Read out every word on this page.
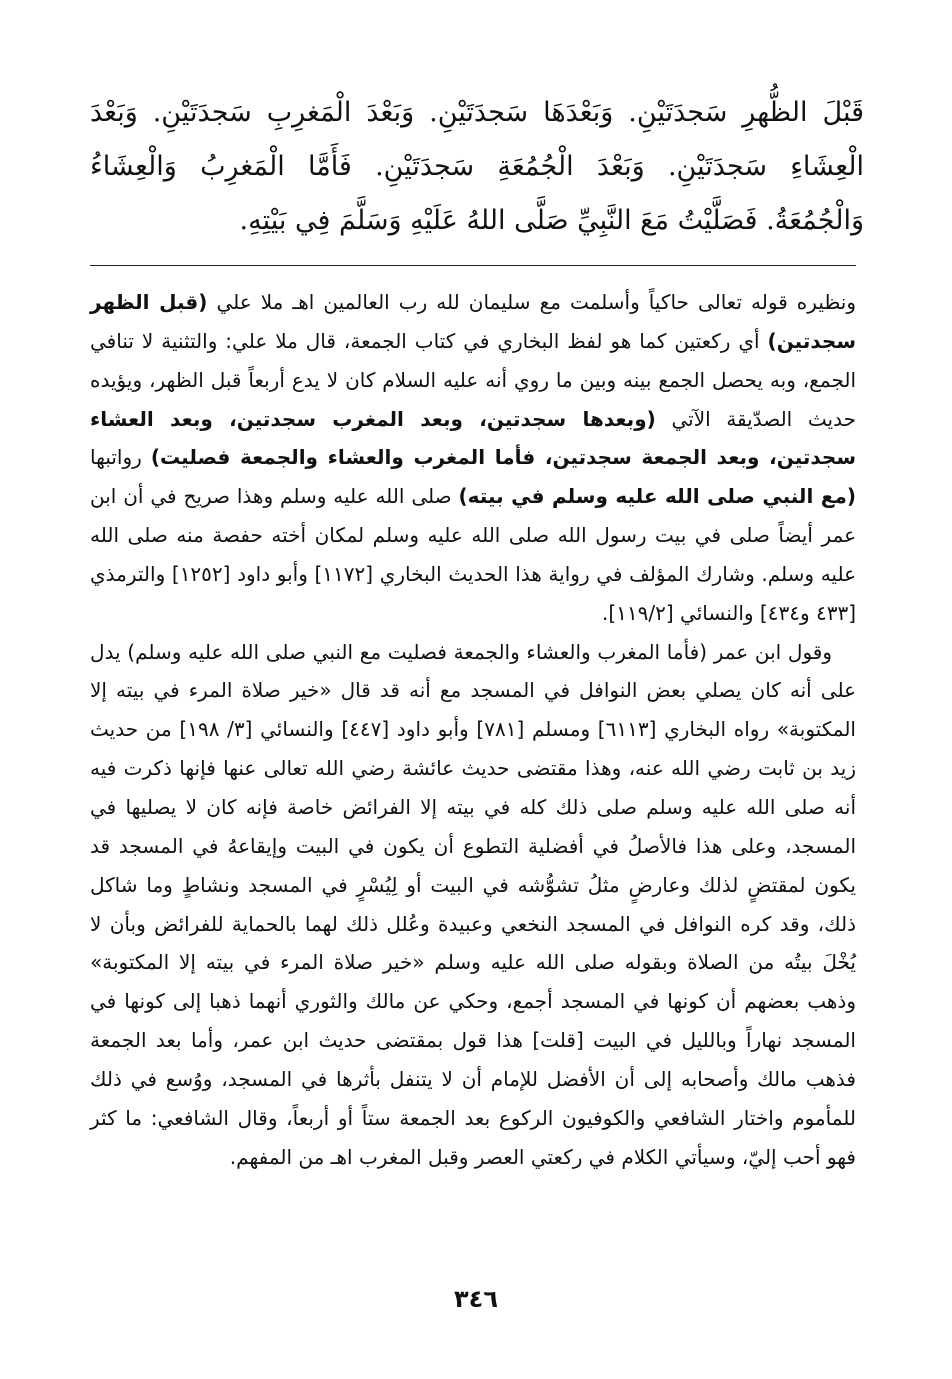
قَبْلَ الظُّهرِ سَجدَتَيْنِ. وَبَعْدَهَا سَجدَتَيْنِ. وَبَعْدَ الْمَغرِبِ سَجدَتَيْنِ. وَبَعْدَ الْعِشَاءِ سَجدَتَيْنِ. وَبَعْدَ الْجُمُعَةِ سَجدَتَيْنِ. فَأَمَّا الْمَغرِبُ وَالْعِشَاءُ وَالْجُمُعَةُ. فَصَلَّيْتُ مَعَ النَّبِيِّ صَلَّى اللهُ عَلَيْهِ وَسَلَّمَ فِي بَيْتِهِ.

ونظيره قوله تعالى حاكياً وأسلمت مع سليمان لله رب العالمين اهـ ملا علي (قبل الظهر سجدتين) أي ركعتين كما هو لفظ البخاري في كتاب الجمعة، قال ملا علي: والتثنية لا تنافي الجمع، وبه يحصل الجمع بينه وبين ما روي أنه عليه السلام كان لا يدع أربعاً قبل الظهر، ويؤيده حديث الصدّيقة الآتي (وبعدها سجدتين، وبعد المغرب سجدتين، وبعد العشاء سجدتين، وبعد الجمعة سجدتين، فأما المغرب والعشاء والجمعة فصليت) رواتبها (مع النبي صلى الله عليه وسلم في بيته) صلى الله عليه وسلم وهذا صريح في أن ابن عمر أيضاً صلى في بيت رسول الله صلى الله عليه وسلم لمكان أخته حفصة منه صلى الله عليه وسلم. وشارك المؤلف في رواية هذا الحديث البخاري [١١٧٢] وأبو داود [١٢٥٢] والترمذي [٤٣٣ و٤٣٤] والنسائي [١١٩/٢].

وقول ابن عمر (فأما المغرب والعشاء والجمعة فصليت مع النبي صلى الله عليه وسلم) يدل على أنه كان يصلي بعض النوافل في المسجد مع أنه قد قال «خير صلاة المرء في بيته إلا المكتوبة» رواه البخاري [٦١١٣] ومسلم [٧٨١] وأبو داود [٤٤٧] والنسائي [٣/ ١٩٨] من حديث زيد بن ثابت رضي الله عنه، وهذا مقتضى حديث عائشة رضي الله تعالى عنها فإنها ذكرت فيه أنه صلى الله عليه وسلم صلى ذلك كله في بيته إلا الفرائض خاصة فإنه كان لا يصليها في المسجد، وعلى هذا فالأصلُ في أفضلية التطوع أن يكون في البيت وإيقاعهُ في المسجد قد يكون لمقتضٍ لذلك وعارضٍ مثلُ تشوُّشه في البيت أو لِيُسْرٍ في المسجد ونشاطٍ وما شاكل ذلك، وقد كره النوافل في المسجد النخعي وعبيدة وعُلل ذلك لهما بالحماية للفرائض وبأن لا يُخْلَ بيتُه من الصلاة وبقوله صلى الله عليه وسلم «خير صلاة المرء في بيته إلا المكتوبة» وذهب بعضهم أن كونها في المسجد أجمع، وحكي عن مالك والثوري أنهما ذهبا إلى كونها في المسجد نهاراً وبالليل في البيت [قلت] هذا قول بمقتضى حديث ابن عمر، وأما بعد الجمعة فذهب مالك وأصحابه إلى أن الأفضل للإمام أن لا يتنفل بأثرها في المسجد، ووُسع في ذلك للمأموم واختار الشافعي والكوفيون الركوع بعد الجمعة ستاً أو أربعاً، وقال الشافعي: ما كثر فهو أحب إليّ، وسيأتي الكلام في ركعتي العصر وقبل المغرب اهـ من المفهم.

٣٤٦
